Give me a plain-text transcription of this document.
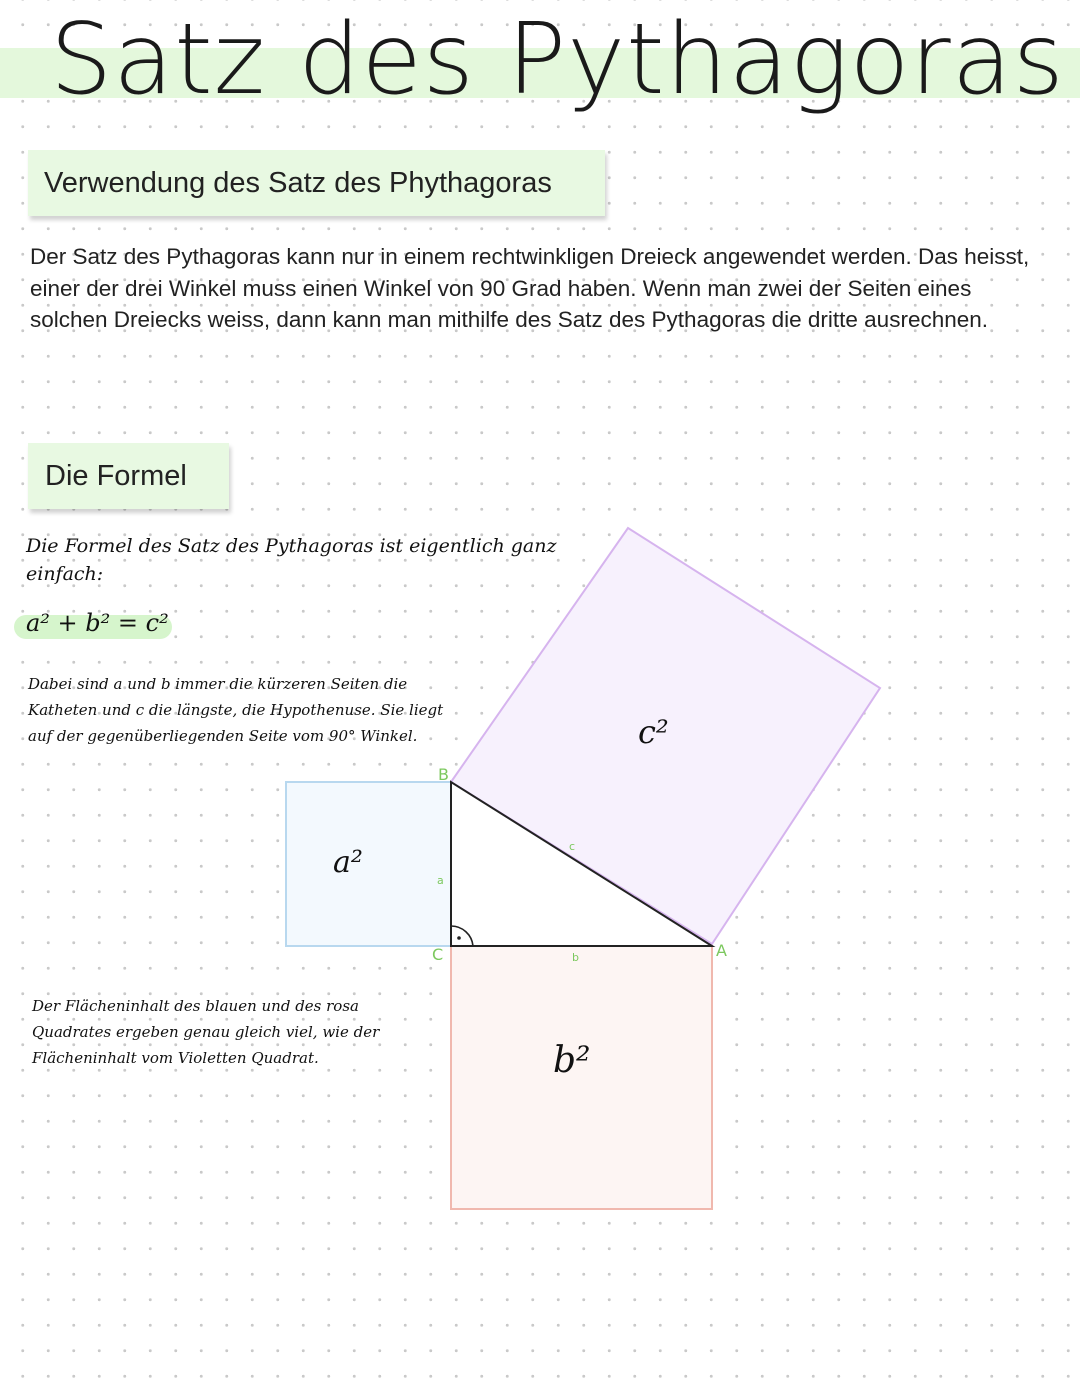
Satz des Pythagoras
Verwendung des Satz des Phythagoras

Der Satz des Pythagoras kann nur in einem rechtwinkligen Dreieck angewendet werden. Das heisst, einer der drei Winkel muss einen Winkel von 90 Grad haben. Wenn man zwei der Seiten eines solchen Dreiecks weiss, dann kann man mithilfe des Satz des Pythagoras die dritte ausrechnen.

Die Formel

Die Formel des Satz des Pythagoras ist eigentlich ganz einfach:

a² + b² = c²

Dabei sind a und b immer die kürzeren Seiten die Katheten und c die längste, die Hypothenuse. Sie liegt auf der gegenüberliegenden Seite vom 90° Winkel.

Der Flächeninhalt des blauen und des rosa Quadrates ergeben genau gleich viel, wie der Flächeninhalt vom Violetten Quadrat.

a²
b²
c²
B
C	A
a
b
c
